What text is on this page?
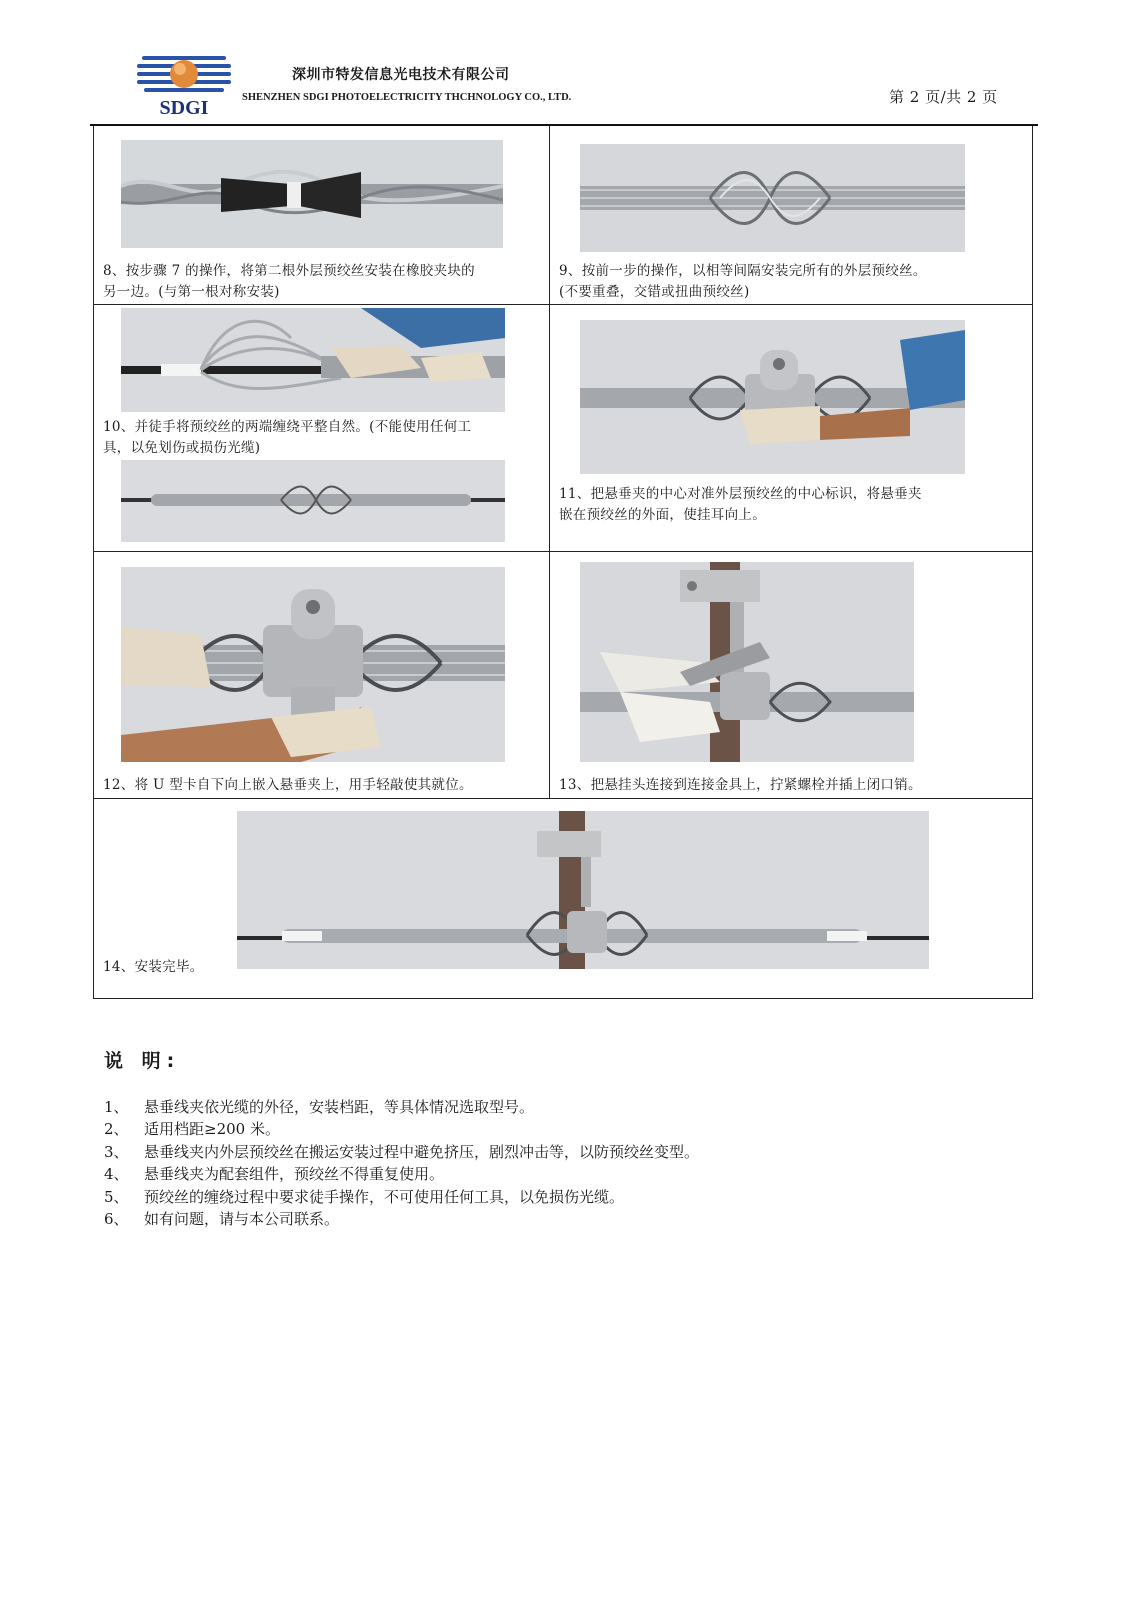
SDGI
深圳市特发信息光电技术有限公司
SHENZHEN SDGI PHOTOELECTRICITY THCHNOLOGY CO., LTD.	第 2 页/共 2 页
8、按步骤 7 的操作，将第二根外层预绞丝安装在橡胶夹块的
另一边。(与第一根对称安装)
9、按前一步的操作，以相等间隔安装完所有的外层预绞丝。
(不要重叠，交错或扭曲预绞丝)
10、并徒手将预绞丝的两端缠绕平整自然。(不能使用任何工
具，以免划伤或损伤光缆)
11、把悬垂夹的中心对准外层预绞丝的中心标识，将悬垂夹
嵌在预绞丝的外面，使挂耳向上。
12、将 U 型卡自下向上嵌入悬垂夹上，用手轻敲使其就位。	13、把悬挂头连接到连接金具上，拧紧螺栓并插上闭口销。
14、安装完毕。
说 明:
1、 悬垂线夹依光缆的外径，安装档距，等具体情况选取型号。
2、 适用档距≥200 米。
3、 悬垂线夹内外层预绞丝在搬运安装过程中避免挤压，剧烈冲击等，以防预绞丝变型。
4、 悬垂线夹为配套组件，预绞丝不得重复使用。
5、 预绞丝的缠绕过程中要求徒手操作，不可使用任何工具，以免损伤光缆。
6、 如有问题，请与本公司联系。
